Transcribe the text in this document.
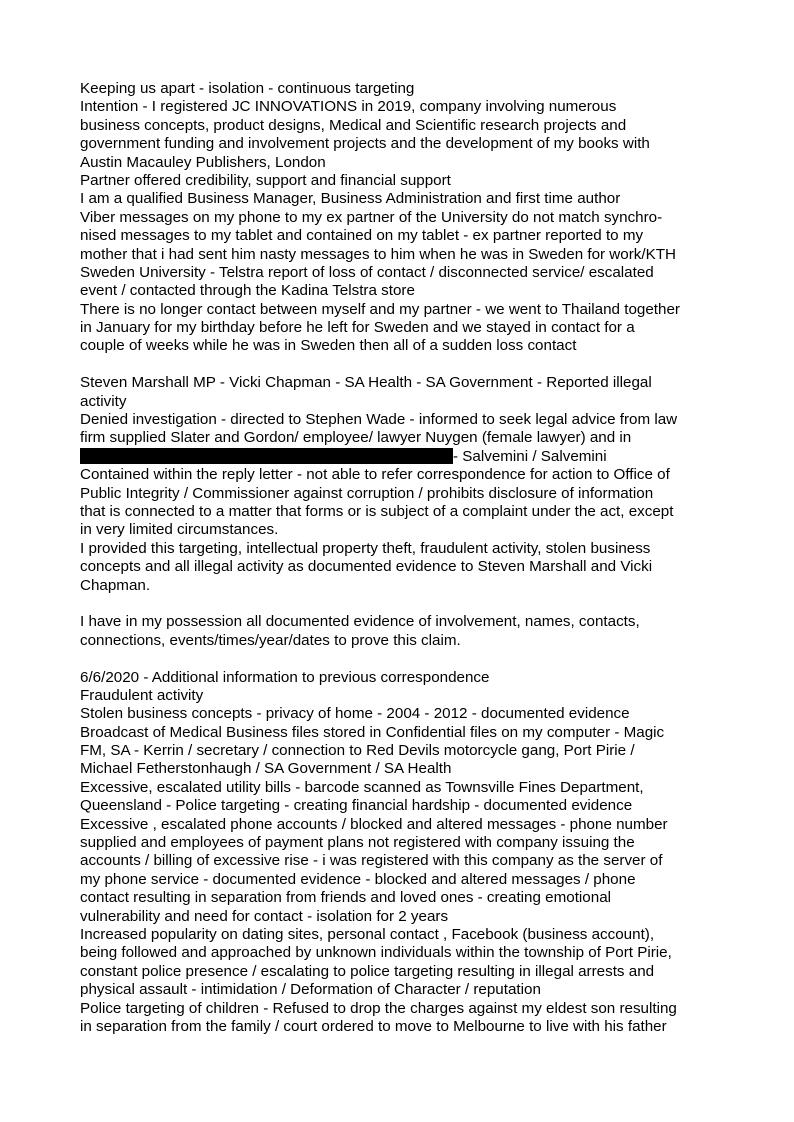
Keeping us apart - isolation - continuous targeting
Intention - I registered JC INNOVATIONS in 2019, company involving numerous
business concepts, product designs, Medical and Scientific research projects and
government funding and involvement projects and the development of my books with
Austin Macauley Publishers, London
Partner offered credibility, support and financial support
I am a qualified Business Manager, Business Administration and first time author
Viber messages on my phone to my ex partner of the University do not match synchro-
nised messages to my tablet and contained on my tablet - ex partner reported to my
mother that i had sent him nasty messages to him when he was in Sweden for work/KTH
Sweden University - Telstra report of loss of contact / disconnected service/ escalated
event / contacted through the Kadina Telstra store
There is no longer contact between myself and my partner - we went to Thailand together
in January for my birthday before he left for Sweden and we stayed in contact for a
couple of weeks while he was in Sweden then all of a sudden loss contact
Steven Marshall MP - Vicki Chapman - SA Health - SA Government - Reported illegal
activity
Denied investigation - directed to Stephen Wade - informed to seek legal advice from law
firm supplied Slater and Gordon/ employee/ lawyer Nuygen (female lawyer) and in
- Salvemini / Salvemini
Contained within the reply letter - not able to refer correspondence for action to Office of
Public Integrity / Commissioner against corruption / prohibits disclosure of information
that is connected to a matter that forms or is subject of a complaint under the act, except
in very limited circumstances.
I provided this targeting, intellectual property theft, fraudulent activity, stolen business
concepts and all illegal activity as documented evidence to Steven Marshall and Vicki
Chapman.
I have in my possession all documented evidence of involvement, names, contacts,
connections, events/times/year/dates to prove this claim.
6/6/2020 - Additional information to previous correspondence
Fraudulent activity
Stolen business concepts - privacy of home - 2004 - 2012 - documented evidence
Broadcast of Medical Business files stored in Confidential files on my computer - Magic
FM, SA - Kerrin / secretary / connection to Red Devils motorcycle gang, Port Pirie /
Michael Fetherstonhaugh / SA Government / SA Health
Excessive, escalated utility bills - barcode scanned as Townsville Fines Department,
Queensland - Police targeting - creating financial hardship - documented evidence
Excessive , escalated phone accounts / blocked and altered messages - phone number
supplied and employees of payment plans not registered with company issuing the
accounts / billing of excessive rise - i was registered with this company as the server of
my phone service - documented evidence - blocked and altered messages / phone
contact resulting in separation from friends and loved ones - creating emotional
vulnerability and need for contact - isolation for 2 years
Increased popularity on dating sites, personal contact , Facebook (business account),
being followed and approached by unknown individuals within the township of Port Pirie,
constant police presence / escalating to police targeting resulting in illegal arrests and
physical assault - intimidation / Deformation of Character / reputation
Police targeting of children - Refused to drop the charges against my eldest son resulting
in separation from the family / court ordered to move to Melbourne to live with his father
